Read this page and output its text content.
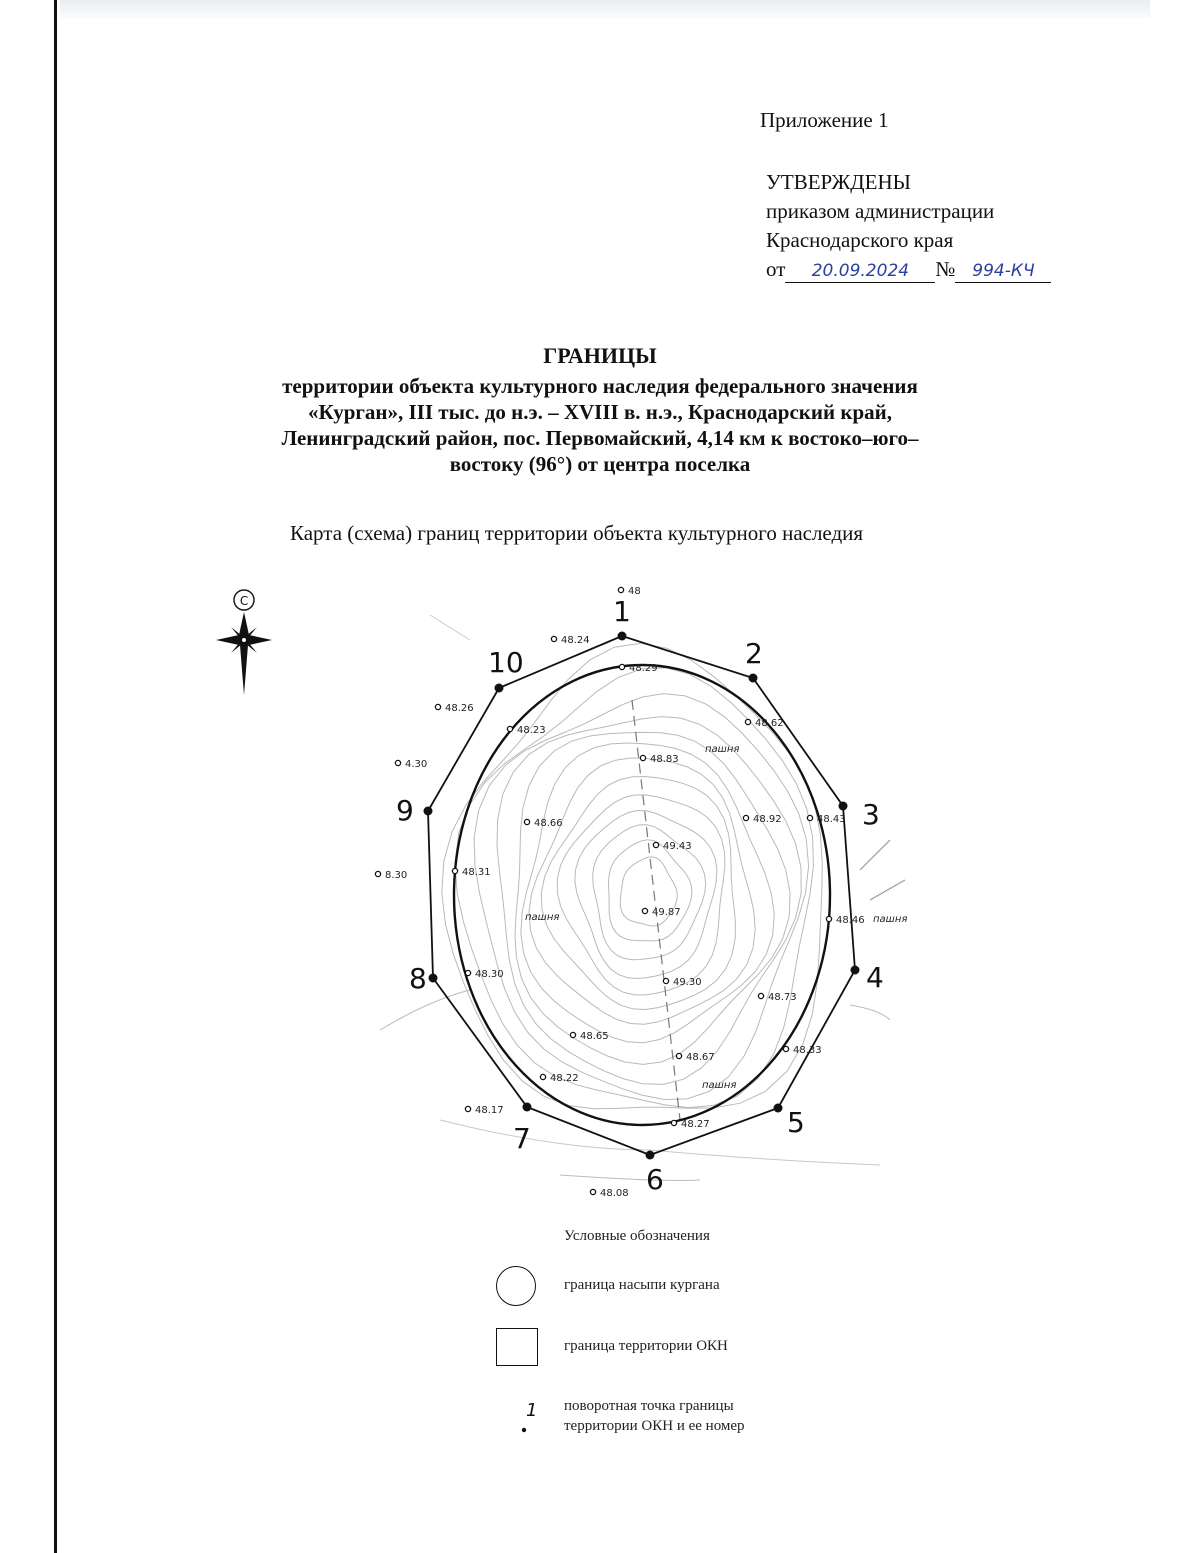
Приложение 1
УТВЕРЖДЕНЫ
приказом администрации
Краснодарского края
от 20.09.2024 № 994-КЧ
ГРАНИЦЫ
территории объекта культурного наследия федерального значения
«Курган», III тыс. до н.э. – XVIII в. н.э., Краснодарский край,
Ленинградский район, пос. Первомайский, 4,14 км к востоко–юго–
востоку (96°) от центра поселка
Карта (схема) границ территории объекта культурного наследия
1
2
3
4
5
6
7
8
9
10	48.29
48.24
48.23
48.26
48.83
48.62
48.92	48.43
48.66
49.43
48.31
49.87
48.46
48.30
49.30
48.73
48.65
48.33
48.67
48.22
48.17
48.27
48.08
4.30
8.30
48
пашня
пашня
пашня
пашня
С
Условные обозначения
граница насыпи кургана
граница территории ОКН
1 поворотная точка границы
территории ОКН и ее номер
